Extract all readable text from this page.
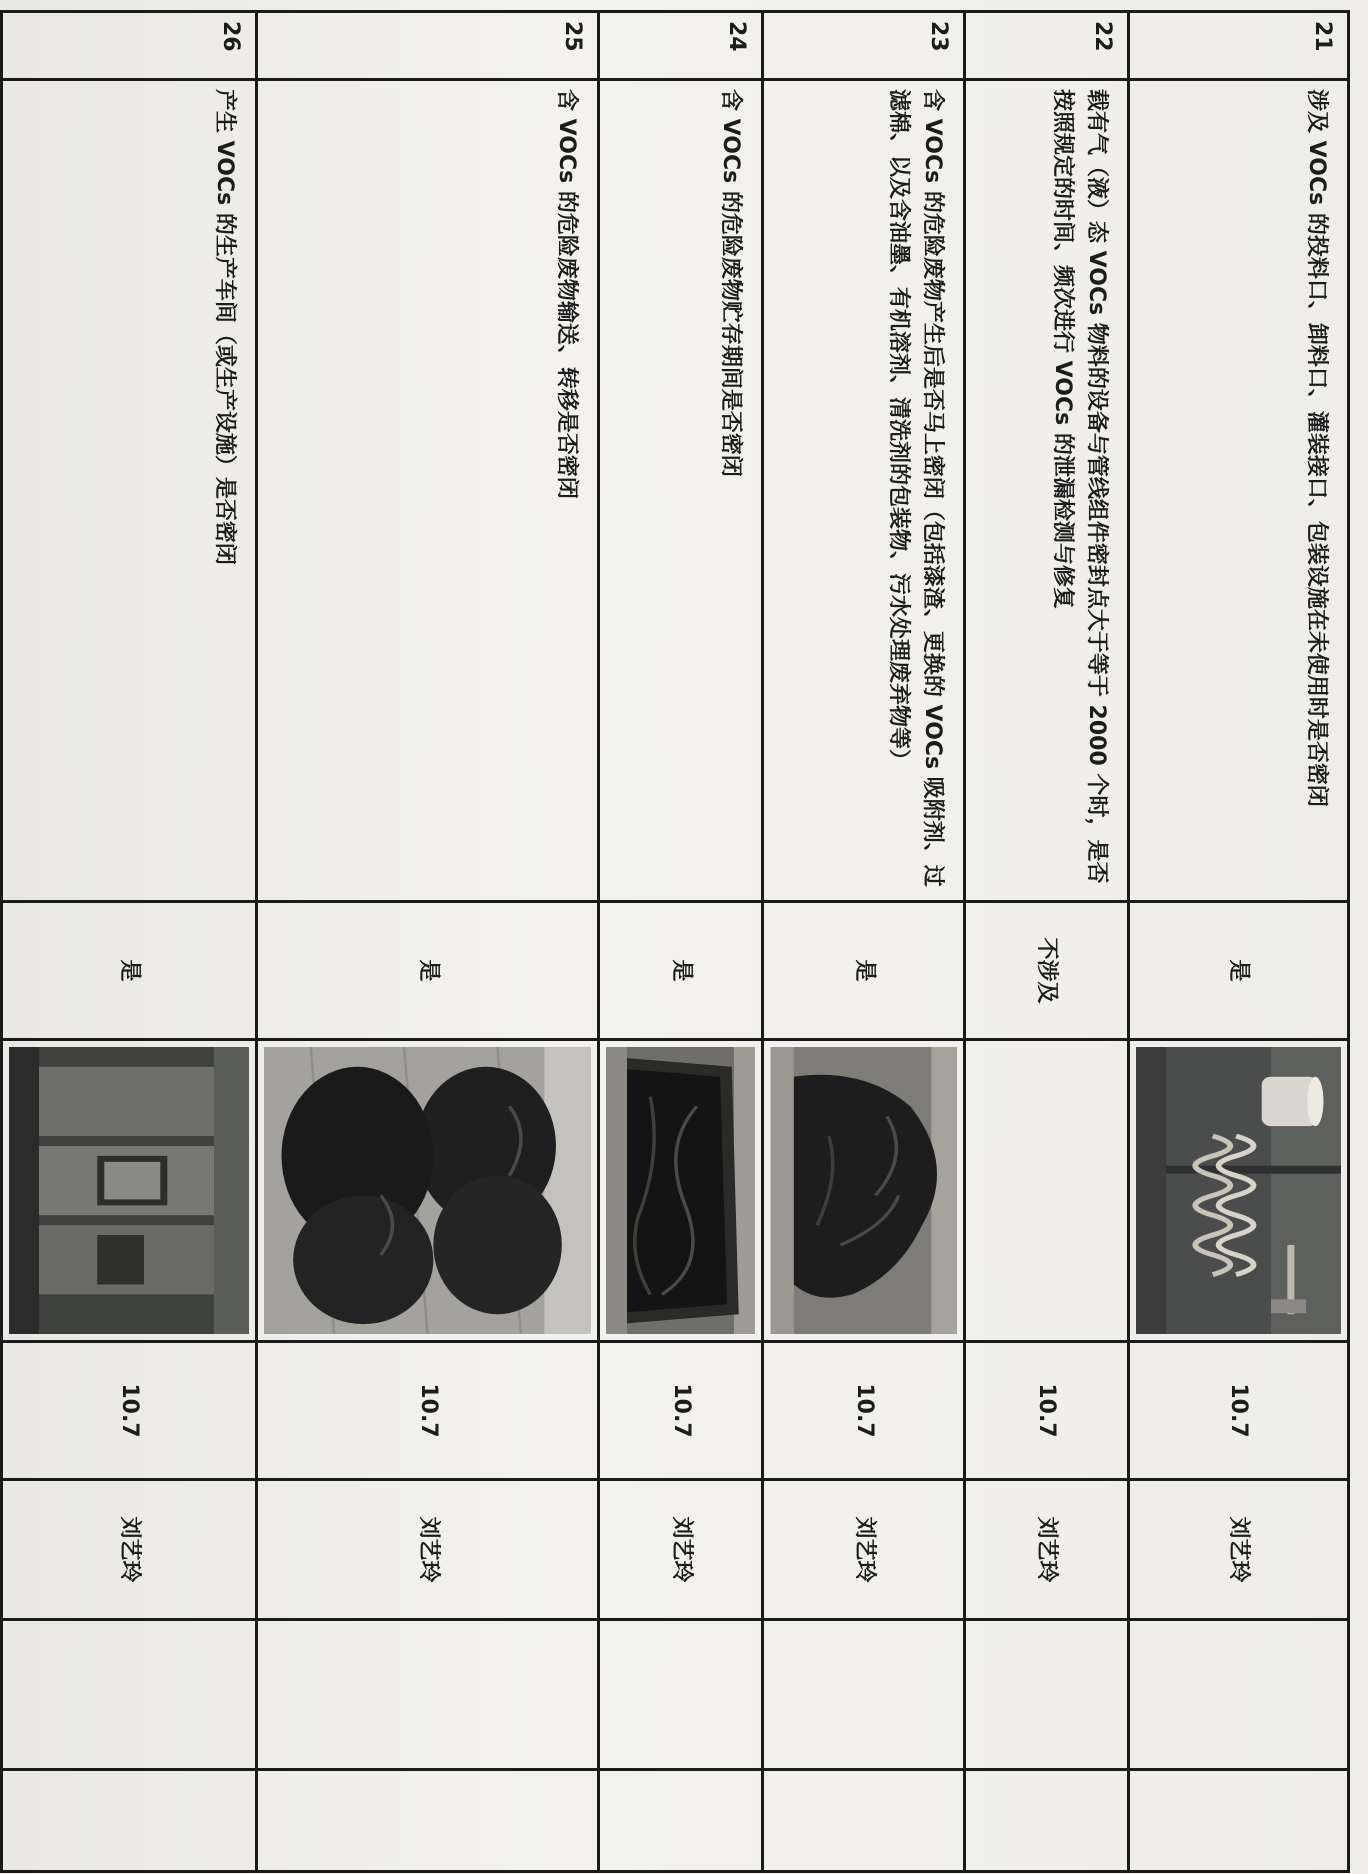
21	涉及 VOCs 的投料口、卸料口、灌装接口、包装设施在未使用时是否密闭	是		10.7	刘艺玲		
22	载有气（液）态 VOCs 物料的设备与管线组件密封点大于等于 2000 个时，是否按照规定的时间、频次进行 VOCs 的泄漏检测与修复	不涉及		10.7	刘艺玲		
23	含 VOCs 的危险废物产生后是否马上密闭（包括漆渣、更换的 VOCs 吸附剂、过滤棉、以及含油墨、有机溶剂、清洗剂的包装物、污水处理废弃物等）	是		10.7	刘艺玲		
24	含 VOCs 的危险废物贮存期间是否密闭	是		10.7	刘艺玲		
25	含 VOCs 的危险废物输送、转移是否密闭	是		10.7	刘艺玲		
26	产生 VOCs 的生产车间（或生产设施）是否密闭	是		10.7	刘艺玲		
